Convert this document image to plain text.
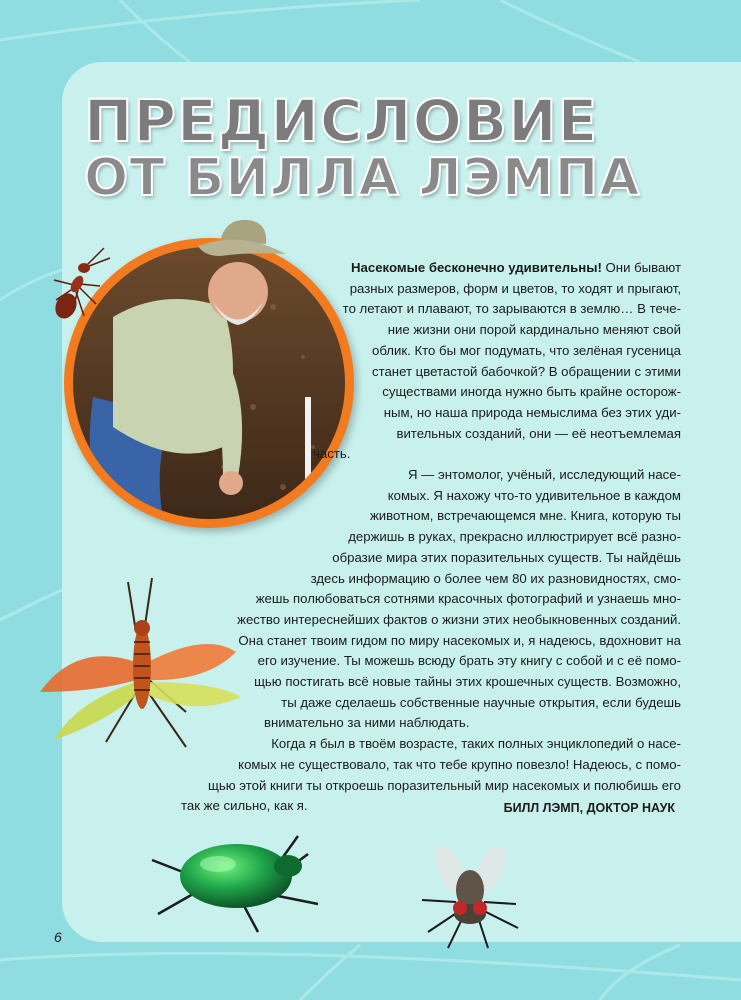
ПРЕДИСЛОВИЕ
ОТ БИЛЛА ЛЭМПА

Насекомые бесконечно удивительны! Они бывают
разных размеров, форм и цветов, то ходят и прыгают,
то летают и плавают, то зарываются в землю… В тече-
ние жизни они порой кардинально меняют свой
облик. Кто бы мог подумать, что зелёная гусеница
станет цветастой бабочкой? В обращении с этими
существами иногда нужно быть крайне осторож-
ным, но наша природа немыслима без этих уди-
вительных созданий, они — её неотъемлемая
часть.
Я — энтомолог, учёный, исследующий насе-
комых. Я нахожу что-то удивительное в каждом
животном, встречающемся мне. Книга, которую ты
держишь в руках, прекрасно иллюстрирует всё разно-
образие мира этих поразительных существ. Ты найдёшь
здесь информацию о более чем 80 их разновидностях, смо-
жешь полюбоваться сотнями красочных фотографий и узнаешь мно-
жество интереснейших фактов о жизни этих необыкновенных созданий.
Она станет твоим гидом по миру насекомых и, я надеюсь, вдохновит на
его изучение. Ты можешь всюду брать эту книгу с собой и с её помо-
щью постигать всё новые тайны этих крошечных существ. Возможно,
ты даже сделаешь собственные научные открытия, если будешь
внимательно за ними наблюдать.
Когда я был в твоём возрасте, таких полных энциклопедий о насе-
комых не существовало, так что тебе крупно повезло! Надеюсь, с помо-
щью этой книги ты откроешь поразительный мир насекомых и полюбишь его
так же сильно, как я.	БИЛЛ ЛЭМП, ДОКТОР НАУК

6
